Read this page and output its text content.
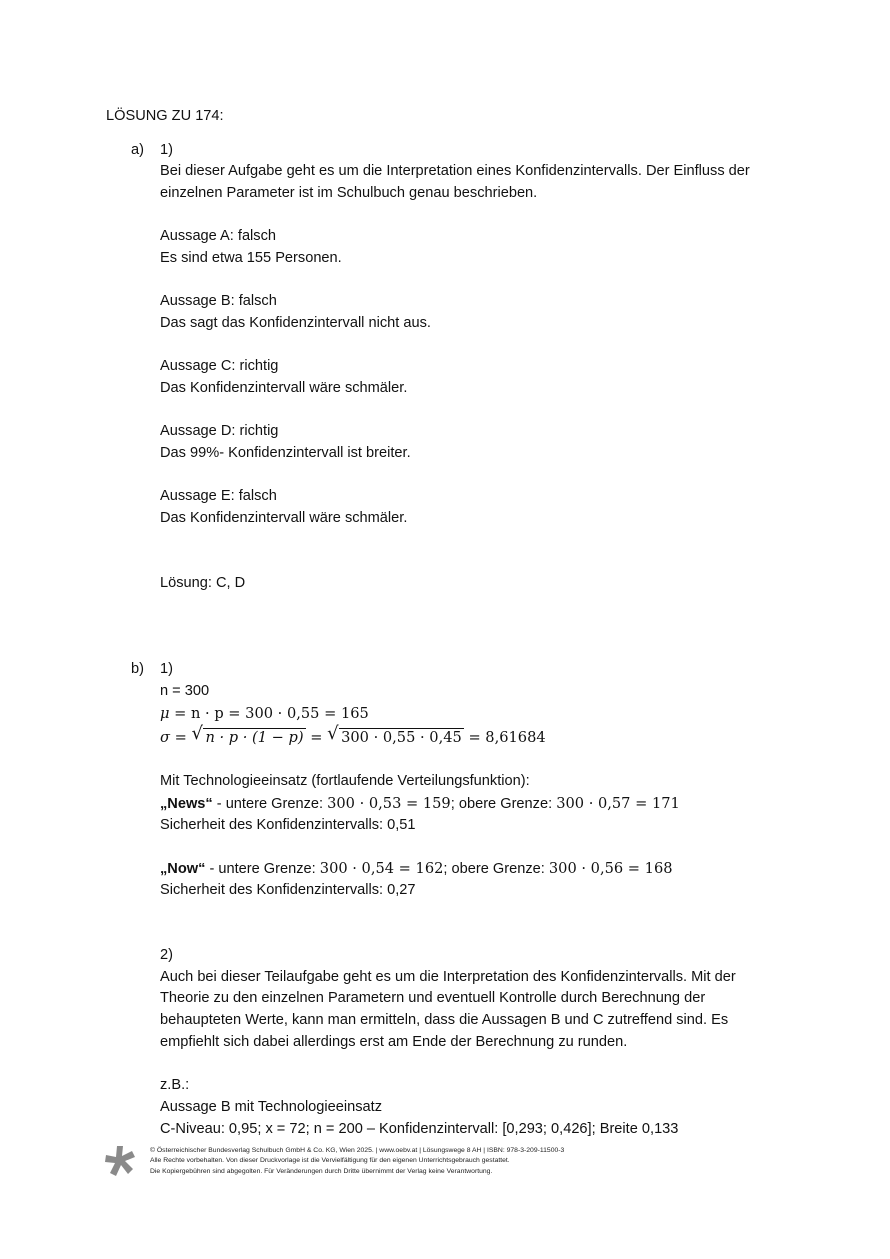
LÖSUNG ZU 174:
a) 1)
Bei dieser Aufgabe geht es um die Interpretation eines Konfidenzintervalls. Der Einfluss der
einzelnen Parameter ist im Schulbuch genau beschrieben.
Aussage A: falsch
Es sind etwa 155 Personen.
Aussage B: falsch
Das sagt das Konfidenzintervall nicht aus.
Aussage C: richtig
Das Konfidenzintervall wäre schmäler.
Aussage D: richtig
Das 99%- Konfidenzintervall ist breiter.
Aussage E: falsch
Das Konfidenzintervall wäre schmäler.
Lösung: C, D
b) 1)
n = 300
μ = n · p = 300 · 0,55 = 165
σ = √ n · p · (1 − p) = √ 300 · 0,55 · 0,45 = 8,61684
Mit Technologieeinsatz (fortlaufende Verteilungsfunktion):
„News“ - untere Grenze: 300 · 0,53 = 159; obere Grenze: 300 · 0,57 = 171
Sicherheit des Konfidenzintervalls: 0,51
„Now“ - untere Grenze: 300 · 0,54 = 162; obere Grenze: 300 · 0,56 = 168
Sicherheit des Konfidenzintervalls: 0,27
2)
Auch bei dieser Teilaufgabe geht es um die Interpretation des Konfidenzintervalls. Mit der
Theorie zu den einzelnen Parametern und eventuell Kontrolle durch Berechnung der
behaupteten Werte, kann man ermitteln, dass die Aussagen B und C zutreffend sind. Es
empfiehlt sich dabei allerdings erst am Ende der Berechnung zu runden.
z.B.:
Aussage B mit Technologieeinsatz
C-Niveau: 0,95; x = 72; n = 200 – Konfidenzintervall: [0,293; 0,426]; Breite 0,133
© Österreichischer Bundesverlag Schulbuch GmbH & Co. KG, Wien 2025. | www.oebv.at | Lösungswege 8 AH | ISBN: 978-3-209-11500-3
Alle Rechte vorbehalten. Von dieser Druckvorlage ist die Vervielfältigung für den eigenen Unterrichtsgebrauch gestattet.
Die Kopiergebühren sind abgegolten. Für Veränderungen durch Dritte übernimmt der Verlag keine Verantwortung.
